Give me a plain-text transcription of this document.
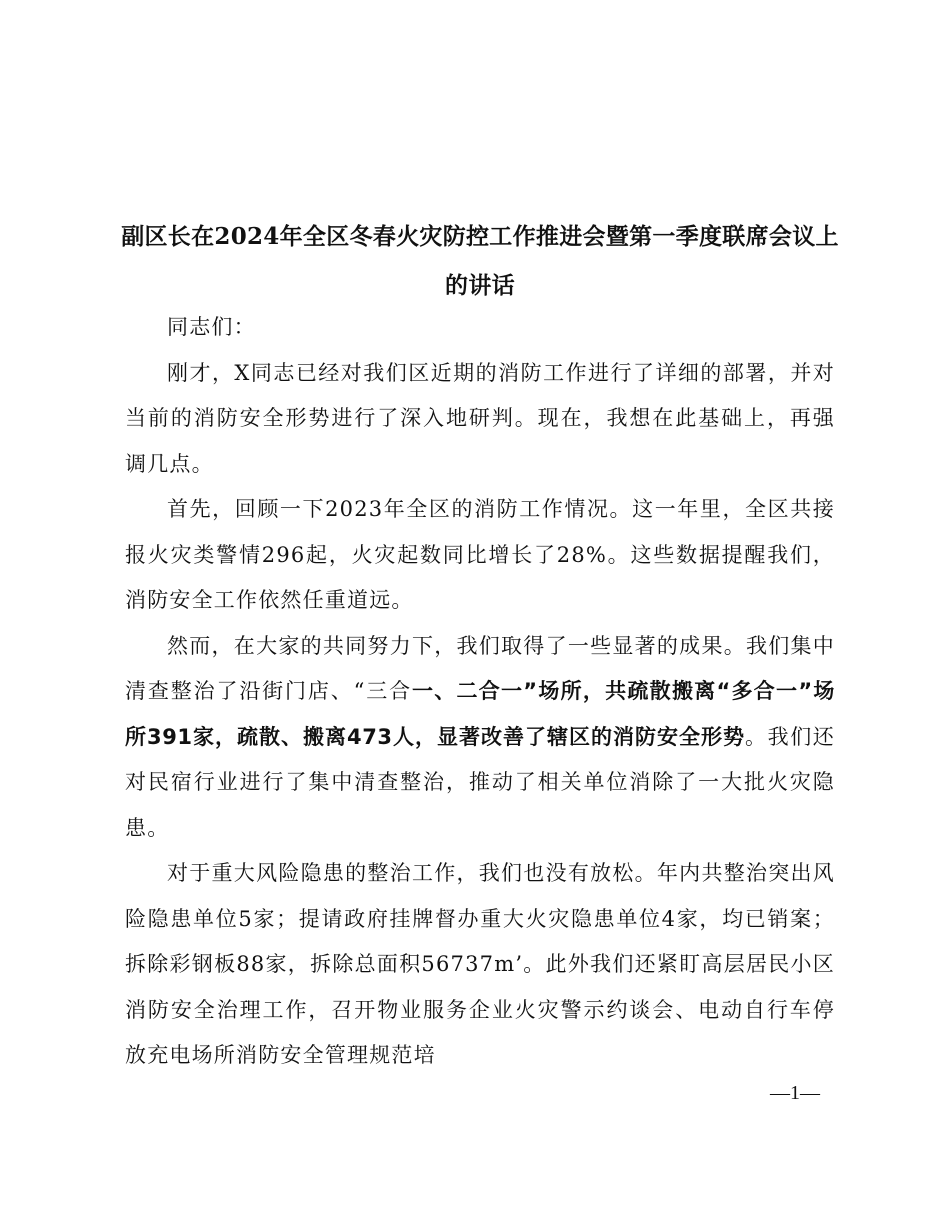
副区长在2024年全区冬春火灾防控工作推进会暨第一季度联席会议上的讲话

同志们：

刚才，X同志已经对我们区近期的消防工作进行了详细的部署，并对当前的消防安全形势进行了深入地研判。现在，我想在此基础上，再强调几点。

首先，回顾一下2023年全区的消防工作情况。这一年里，全区共接报火灾类警情296起，火灾起数同比增长了28%。这些数据提醒我们，消防安全工作依然任重道远。

然而，在大家的共同努力下，我们取得了一些显著的成果。我们集中清查整治了沿街门店、“三合一、二合一”场所，共疏散搬离“多合一”场所391家，疏散、搬离473人，显著改善了辖区的消防安全形势。我们还对民宿行业进行了集中清查整治，推动了相关单位消除了一大批火灾隐患。

对于重大风险隐患的整治工作，我们也没有放松。年内共整治突出风险隐患单位5家；提请政府挂牌督办重大火灾隐患单位4家，均已销案；拆除彩钢板88家，拆除总面积56737m’。此外我们还紧盯高层居民小区消防安全治理工作，召开物业服务企业火灾警示约谈会、电动自行车停放充电场所消防安全管理规范培

—1—
